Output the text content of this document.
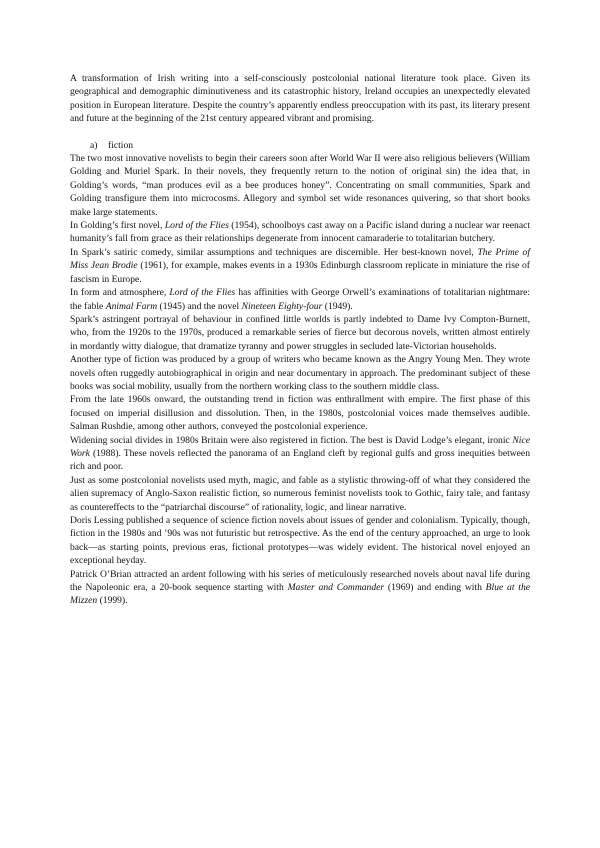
A transformation of Irish writing into a self-consciously postcolonial national literature took place. Given its geographical and demographic diminutiveness and its catastrophic history, Ireland occupies an unexpectedly elevated position in European literature. Despite the country’s apparently endless preoccupation with its past, its literary present and future at the beginning of the 21st century appeared vibrant and promising.

a) fiction

The two most innovative novelists to begin their careers soon after World War II were also religious believers (William Golding and Muriel Spark. In their novels, they frequently return to the notion of original sin) the idea that, in Golding’s words, “man produces evil as a bee produces honey”. Concentrating on small communities, Spark and Golding transfigure them into microcosms. Allegory and symbol set wide resonances quivering, so that short books make large statements.

In Golding’s first novel, Lord of the Flies (1954), schoolboys cast away on a Pacific island during a nuclear war reenact humanity’s fall from grace as their relationships degenerate from innocent camaraderie to totalitarian butchery.

In Spark’s satiric comedy, similar assumptions and techniques are discernible. Her best-known novel, The Prime of Miss Jean Brodie (1961), for example, makes events in a 1930s Edinburgh classroom replicate in miniature the rise of fascism in Europe.

In form and atmosphere, Lord of the Flies has affinities with George Orwell’s examinations of totalitarian nightmare: the fable Animal Farm (1945) and the novel Nineteen Eighty-four (1949).

Spark’s astringent portrayal of behaviour in confined little worlds is partly indebted to Dame Ivy Compton-Burnett, who, from the 1920s to the 1970s, produced a remarkable series of fierce but decorous novels, written almost entirely in mordantly witty dialogue, that dramatize tyranny and power struggles in secluded late-Victorian households.

Another type of fiction was produced by a group of writers who became known as the Angry Young Men. They wrote novels often ruggedly autobiographical in origin and near documentary in approach. The predominant subject of these books was social mobility, usually from the northern working class to the southern middle class.

From the late 1960s onward, the outstanding trend in fiction was enthrallment with empire. The first phase of this focused on imperial disillusion and dissolution. Then, in the 1980s, postcolonial voices made themselves audible. Salman Rushdie, among other authors, conveyed the postcolonial experience.

Widening social divides in 1980s Britain were also registered in fiction. The best is David Lodge’s elegant, ironic Nice Work (1988). These novels reflected the panorama of an England cleft by regional gulfs and gross inequities between rich and poor.

Just as some postcolonial novelists used myth, magic, and fable as a stylistic throwing-off of what they considered the alien supremacy of Anglo-Saxon realistic fiction, so numerous feminist novelists took to Gothic, fairy tale, and fantasy as countereffects to the “patriarchal discourse” of rationality, logic, and linear narrative.

Doris Lessing published a sequence of science fiction novels about issues of gender and colonialism. Typically, though, fiction in the 1980s and ’90s was not futuristic but retrospective. As the end of the century approached, an urge to look back—as starting points, previous eras, fictional prototypes—was widely evident. The historical novel enjoyed an exceptional heyday.

Patrick O’Brian attracted an ardent following with his series of meticulously researched novels about naval life during the Napoleonic era, a 20-book sequence starting with Master and Commander (1969) and ending with Blue at the Mizzen (1999).
